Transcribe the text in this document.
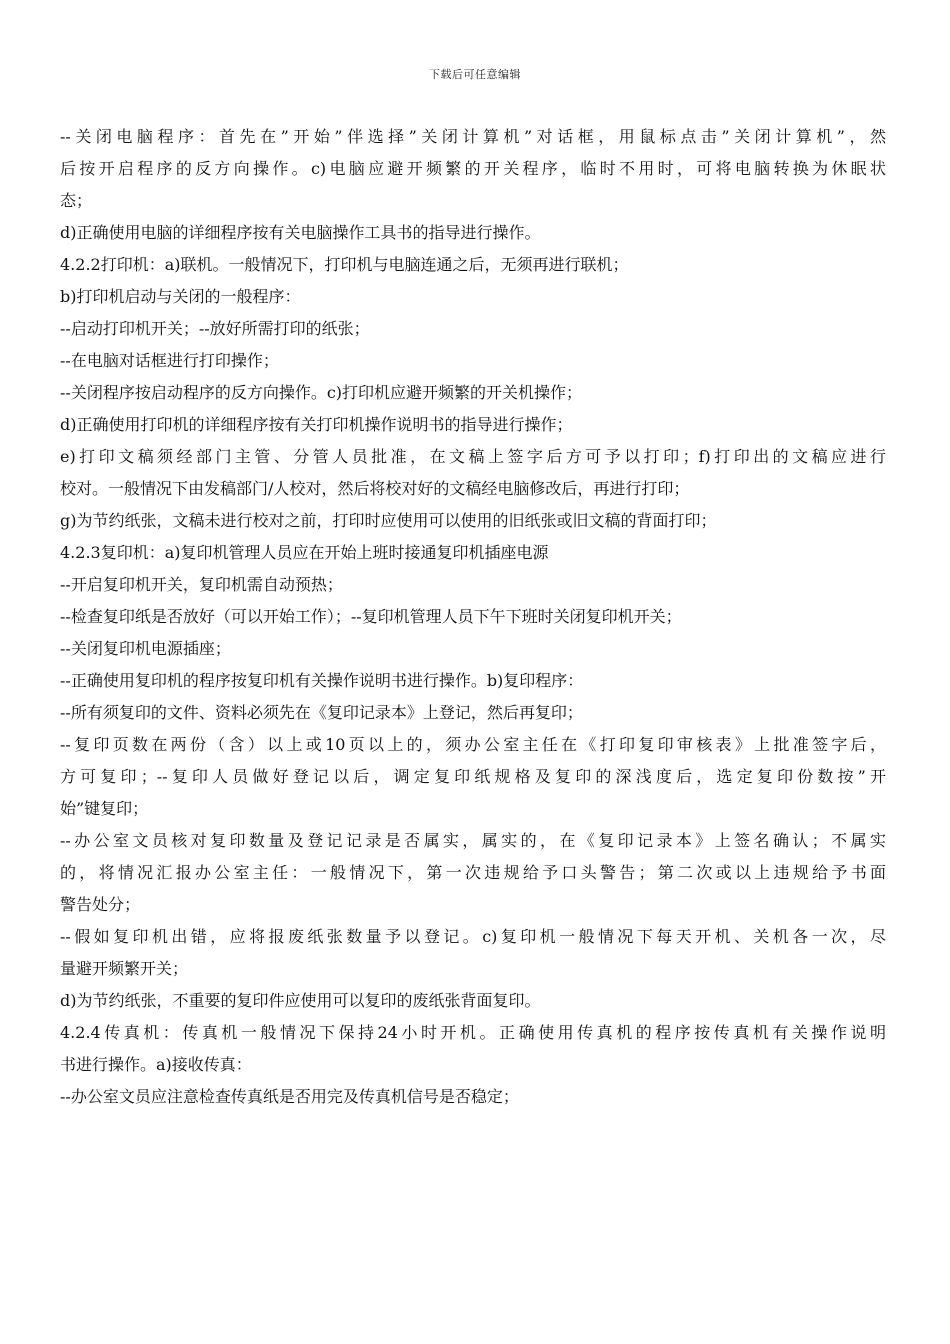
下载后可任意编辑
--关闭电脑程序：首先在”开始”伴选择”关闭计算机”对话框，用鼠标点击”关闭计算机”，然
后按开启程序的反方向操作。c)电脑应避开频繁的开关程序，临时不用时，可将电脑转换为休眠状
态；
d)正确使用电脑的详细程序按有关电脑操作工具书的指导进行操作。
4.2.2打印机：a)联机。一般情况下，打印机与电脑连通之后，无须再进行联机；
b)打印机启动与关闭的一般程序：
--启动打印机开关；--放好所需打印的纸张；
--在电脑对话框进行打印操作；
--关闭程序按启动程序的反方向操作。c)打印机应避开频繁的开关机操作；
d)正确使用打印机的详细程序按有关打印机操作说明书的指导进行操作；
e)打印文稿须经部门主管、分管人员批准，在文稿上签字后方可予以打印；f)打印出的文稿应进行
校对。一般情况下由发稿部门/人校对，然后将校对好的文稿经电脑修改后，再进行打印；
g)为节约纸张，文稿未进行校对之前，打印时应使用可以使用的旧纸张或旧文稿的背面打印；
4.2.3复印机：a)复印机管理人员应在开始上班时接通复印机插座电源
--开启复印机开关，复印机需自动预热；
--检查复印纸是否放好（可以开始工作）；--复印机管理人员下午下班时关闭复印机开关；
--关闭复印机电源插座；
--正确使用复印机的程序按复印机有关操作说明书进行操作。b)复印程序：
--所有须复印的文件、资料必须先在《复印记录本》上登记，然后再复印；
--复印页数在两份（含）以上或10页以上的，须办公室主任在《打印复印审核表》上批准签字后，
方可复印；--复印人员做好登记以后，调定复印纸规格及复印的深浅度后，选定复印份数按”开
始”键复印；
--办公室文员核对复印数量及登记记录是否属实，属实的，在《复印记录本》上签名确认；不属实
的，将情况汇报办公室主任：一般情况下，第一次违规给予口头警告；第二次或以上违规给予书面
警告处分；
--假如复印机出错，应将报废纸张数量予以登记。c)复印机一般情况下每天开机、关机各一次，尽
量避开频繁开关；
d)为节约纸张，不重要的复印件应使用可以复印的废纸张背面复印。
4.2.4传真机：传真机一般情况下保持24小时开机。正确使用传真机的程序按传真机有关操作说明
书进行操作。a)接收传真：
--办公室文员应注意检查传真纸是否用完及传真机信号是否稳定；
